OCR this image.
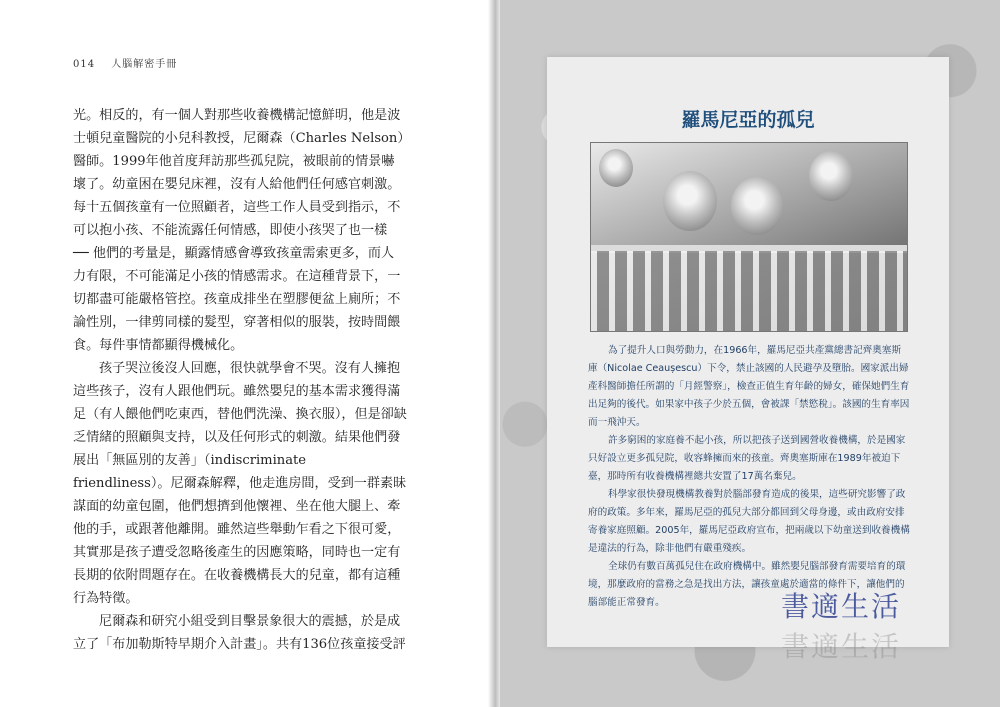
014 人腦解密手冊

光。相反的，有一個人對那些收養機構記憶鮮明，他是波士頓兒童醫院的小兒科教授，尼爾森（Charles Nelson）醫師。1999年他首度拜訪那些孤兒院，被眼前的情景嚇壞了。幼童困在嬰兒床裡，沒有人給他們任何感官刺激。每十五個孩童有一位照顧者，這些工作人員受到指示，不可以抱小孩、不能流露任何情感，即使小孩哭了也一樣 ── 他們的考量是，顯露情感會導致孩童需索更多，而人力有限，不可能滿足小孩的情感需求。在這種背景下，一切都盡可能嚴格管控。孩童成排坐在塑膠便盆上廁所；不論性別，一律剪同樣的髮型，穿著相似的服裝，按時間餵食。每件事情都顯得機械化。

孩子哭泣後沒人回應，很快就學會不哭。沒有人擁抱這些孩子，沒有人跟他們玩。雖然嬰兒的基本需求獲得滿足（有人餵他們吃東西，替他們洗澡、換衣服），但是卻缺乏情緒的照顧與支持，以及任何形式的刺激。結果他們發展出「無區別的友善」（indiscriminate friendliness）。尼爾森解釋，他走進房間，受到一群素昧謀面的幼童包圍，他們想擠到他懷裡、坐在他大腿上、牽他的手，或跟著他離開。雖然這些舉動乍看之下很可愛，其實那是孩子遭受忽略後產生的因應策略，同時也一定有長期的依附問題存在。在收養機構長大的兒童，都有這種行為特徵。

尼爾森和研究小組受到目擊景象很大的震撼，於是成立了「布加勒斯特早期介入計畫」。共有136位孩童接受評

羅馬尼亞的孤兒

為了提升人口與勞動力，在1966年，羅馬尼亞共產黨總書記齊奧塞斯庫（Nicolae Ceaușescu）下令，禁止該國的人民避孕及墮胎。國家派出婦產科醫師擔任所謂的「月經警察」，檢查正值生育年齡的婦女，確保她們生育出足夠的後代。如果家中孩子少於五個，會被課「禁慾稅」。該國的生育率因而一飛沖天。

許多窮困的家庭養不起小孩，所以把孩子送到國營收養機構，於是國家只好設立更多孤兒院，收容蜂擁而來的孩童。齊奧塞斯庫在1989年被迫下臺，那時所有收養機構裡總共安置了17萬名棄兒。

科學家很快發現機構教養對於腦部發育造成的後果，這些研究影響了政府的政策。多年來，羅馬尼亞的孤兒大部分都回到父母身邊，或由政府安排寄養家庭照顧。2005年，羅馬尼亞政府宣布，把兩歲以下幼童送到收養機構是違法的行為，除非他們有嚴重殘疾。

全球仍有數百萬孤兒住在政府機構中。雖然嬰兒腦部發育需要培育的環境，那麼政府的當務之急是找出方法，讓孩童處於適當的條件下，讓他們的腦部能正常發育。	書適生活
書適生活
